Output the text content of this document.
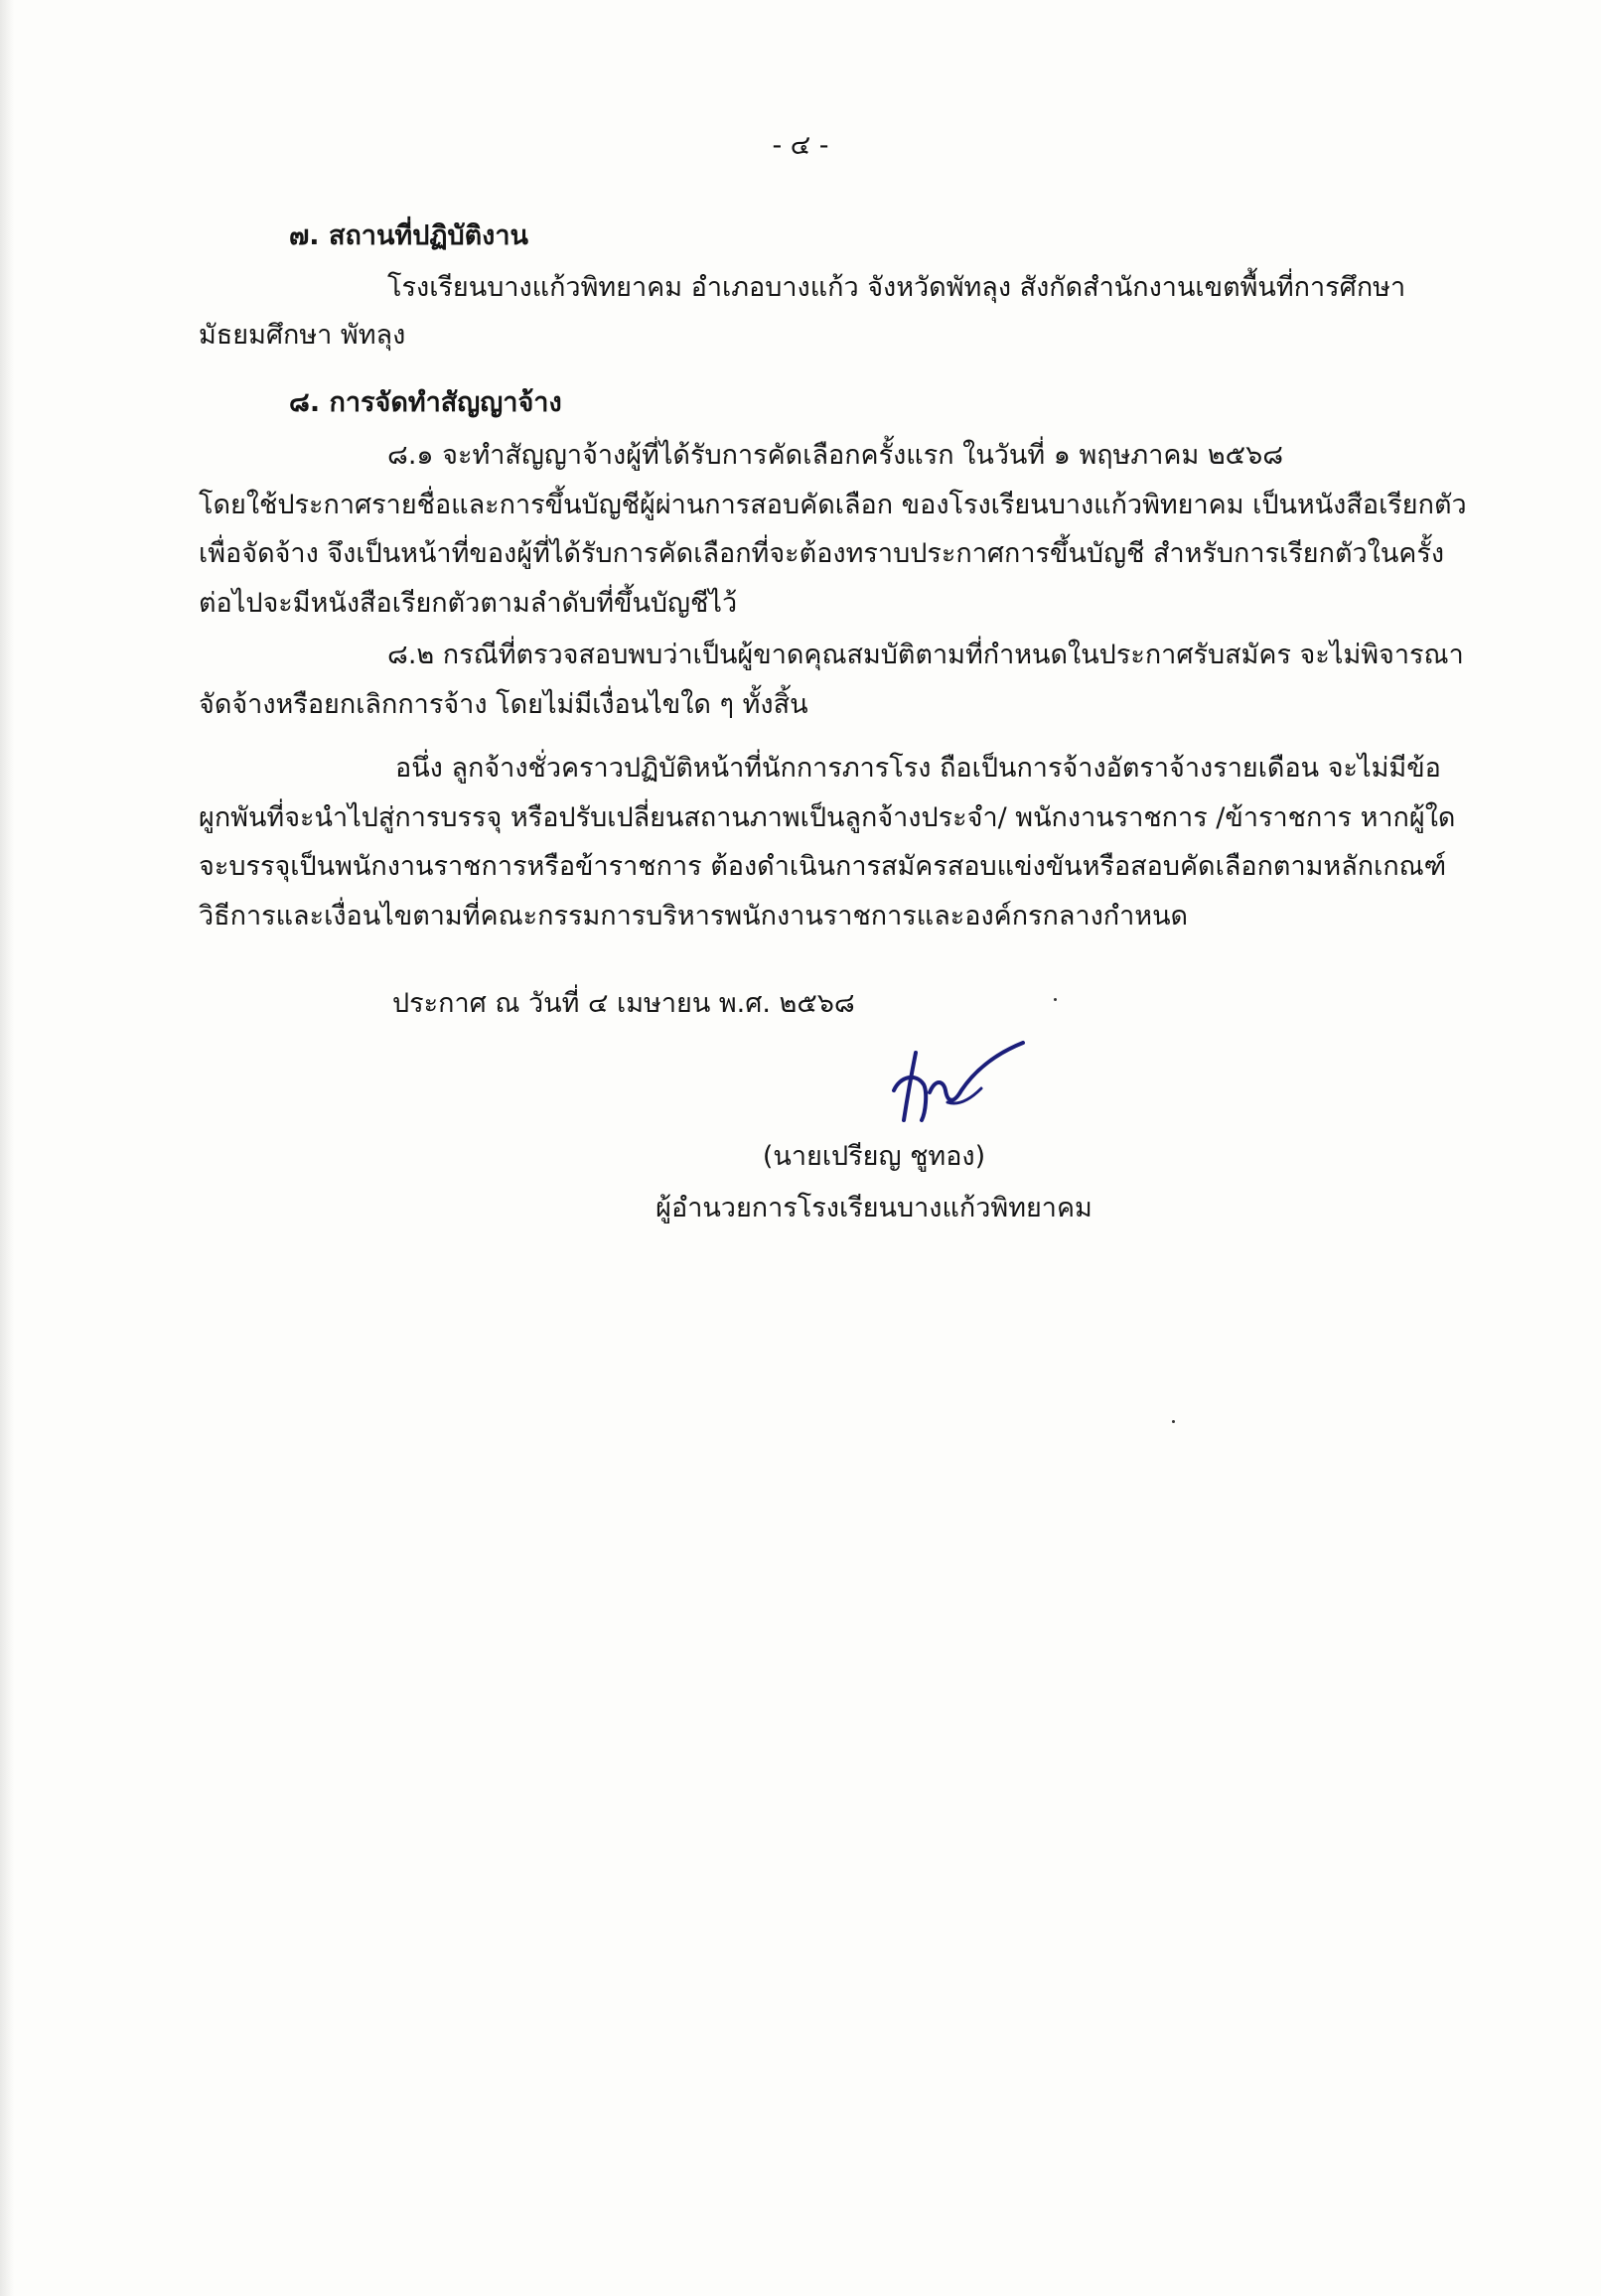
- ๔ -
๗. สถานที่ปฏิบัติงาน
โรงเรียนบางแก้วพิทยาคม อำเภอบางแก้ว จังหวัดพัทลุง สังกัดสำนักงานเขตพื้นที่การศึกษา
มัธยมศึกษา พัทลุง
๘. การจัดทำสัญญาจ้าง
๘.๑ จะทำสัญญาจ้างผู้ที่ได้รับการคัดเลือกครั้งแรก ในวันที่ ๑ พฤษภาคม ๒๕๖๘
โดยใช้ประกาศรายชื่อและการขึ้นบัญชีผู้ผ่านการสอบคัดเลือก ของโรงเรียนบางแก้วพิทยาคม เป็นหนังสือเรียกตัว
เพื่อจัดจ้าง จึงเป็นหน้าที่ของผู้ที่ได้รับการคัดเลือกที่จะต้องทราบประกาศการขึ้นบัญชี สำหรับการเรียกตัวในครั้ง
ต่อไปจะมีหนังสือเรียกตัวตามลำดับที่ขึ้นบัญชีไว้
๘.๒ กรณีที่ตรวจสอบพบว่าเป็นผู้ขาดคุณสมบัติตามที่กำหนดในประกาศรับสมัคร จะไม่พิจารณา
จัดจ้างหรือยกเลิกการจ้าง โดยไม่มีเงื่อนไขใด ๆ ทั้งสิ้น
อนึ่ง ลูกจ้างชั่วคราวปฏิบัติหน้าที่นักการภารโรง ถือเป็นการจ้างอัตราจ้างรายเดือน จะไม่มีข้อ
ผูกพันที่จะนำไปสู่การบรรจุ หรือปรับเปลี่ยนสถานภาพเป็นลูกจ้างประจำ/ พนักงานราชการ /ข้าราชการ หากผู้ใด
จะบรรจุเป็นพนักงานราชการหรือข้าราชการ ต้องดำเนินการสมัครสอบแข่งขันหรือสอบคัดเลือกตามหลักเกณฑ์
วิธีการและเงื่อนไขตามที่คณะกรรมการบริหารพนักงานราชการและองค์กรกลางกำหนด
ประกาศ ณ วันที่ ๔ เมษายน พ.ศ. ๒๕๖๘
(นายเปรียญ ชูทอง)
ผู้อำนวยการโรงเรียนบางแก้วพิทยาคม
